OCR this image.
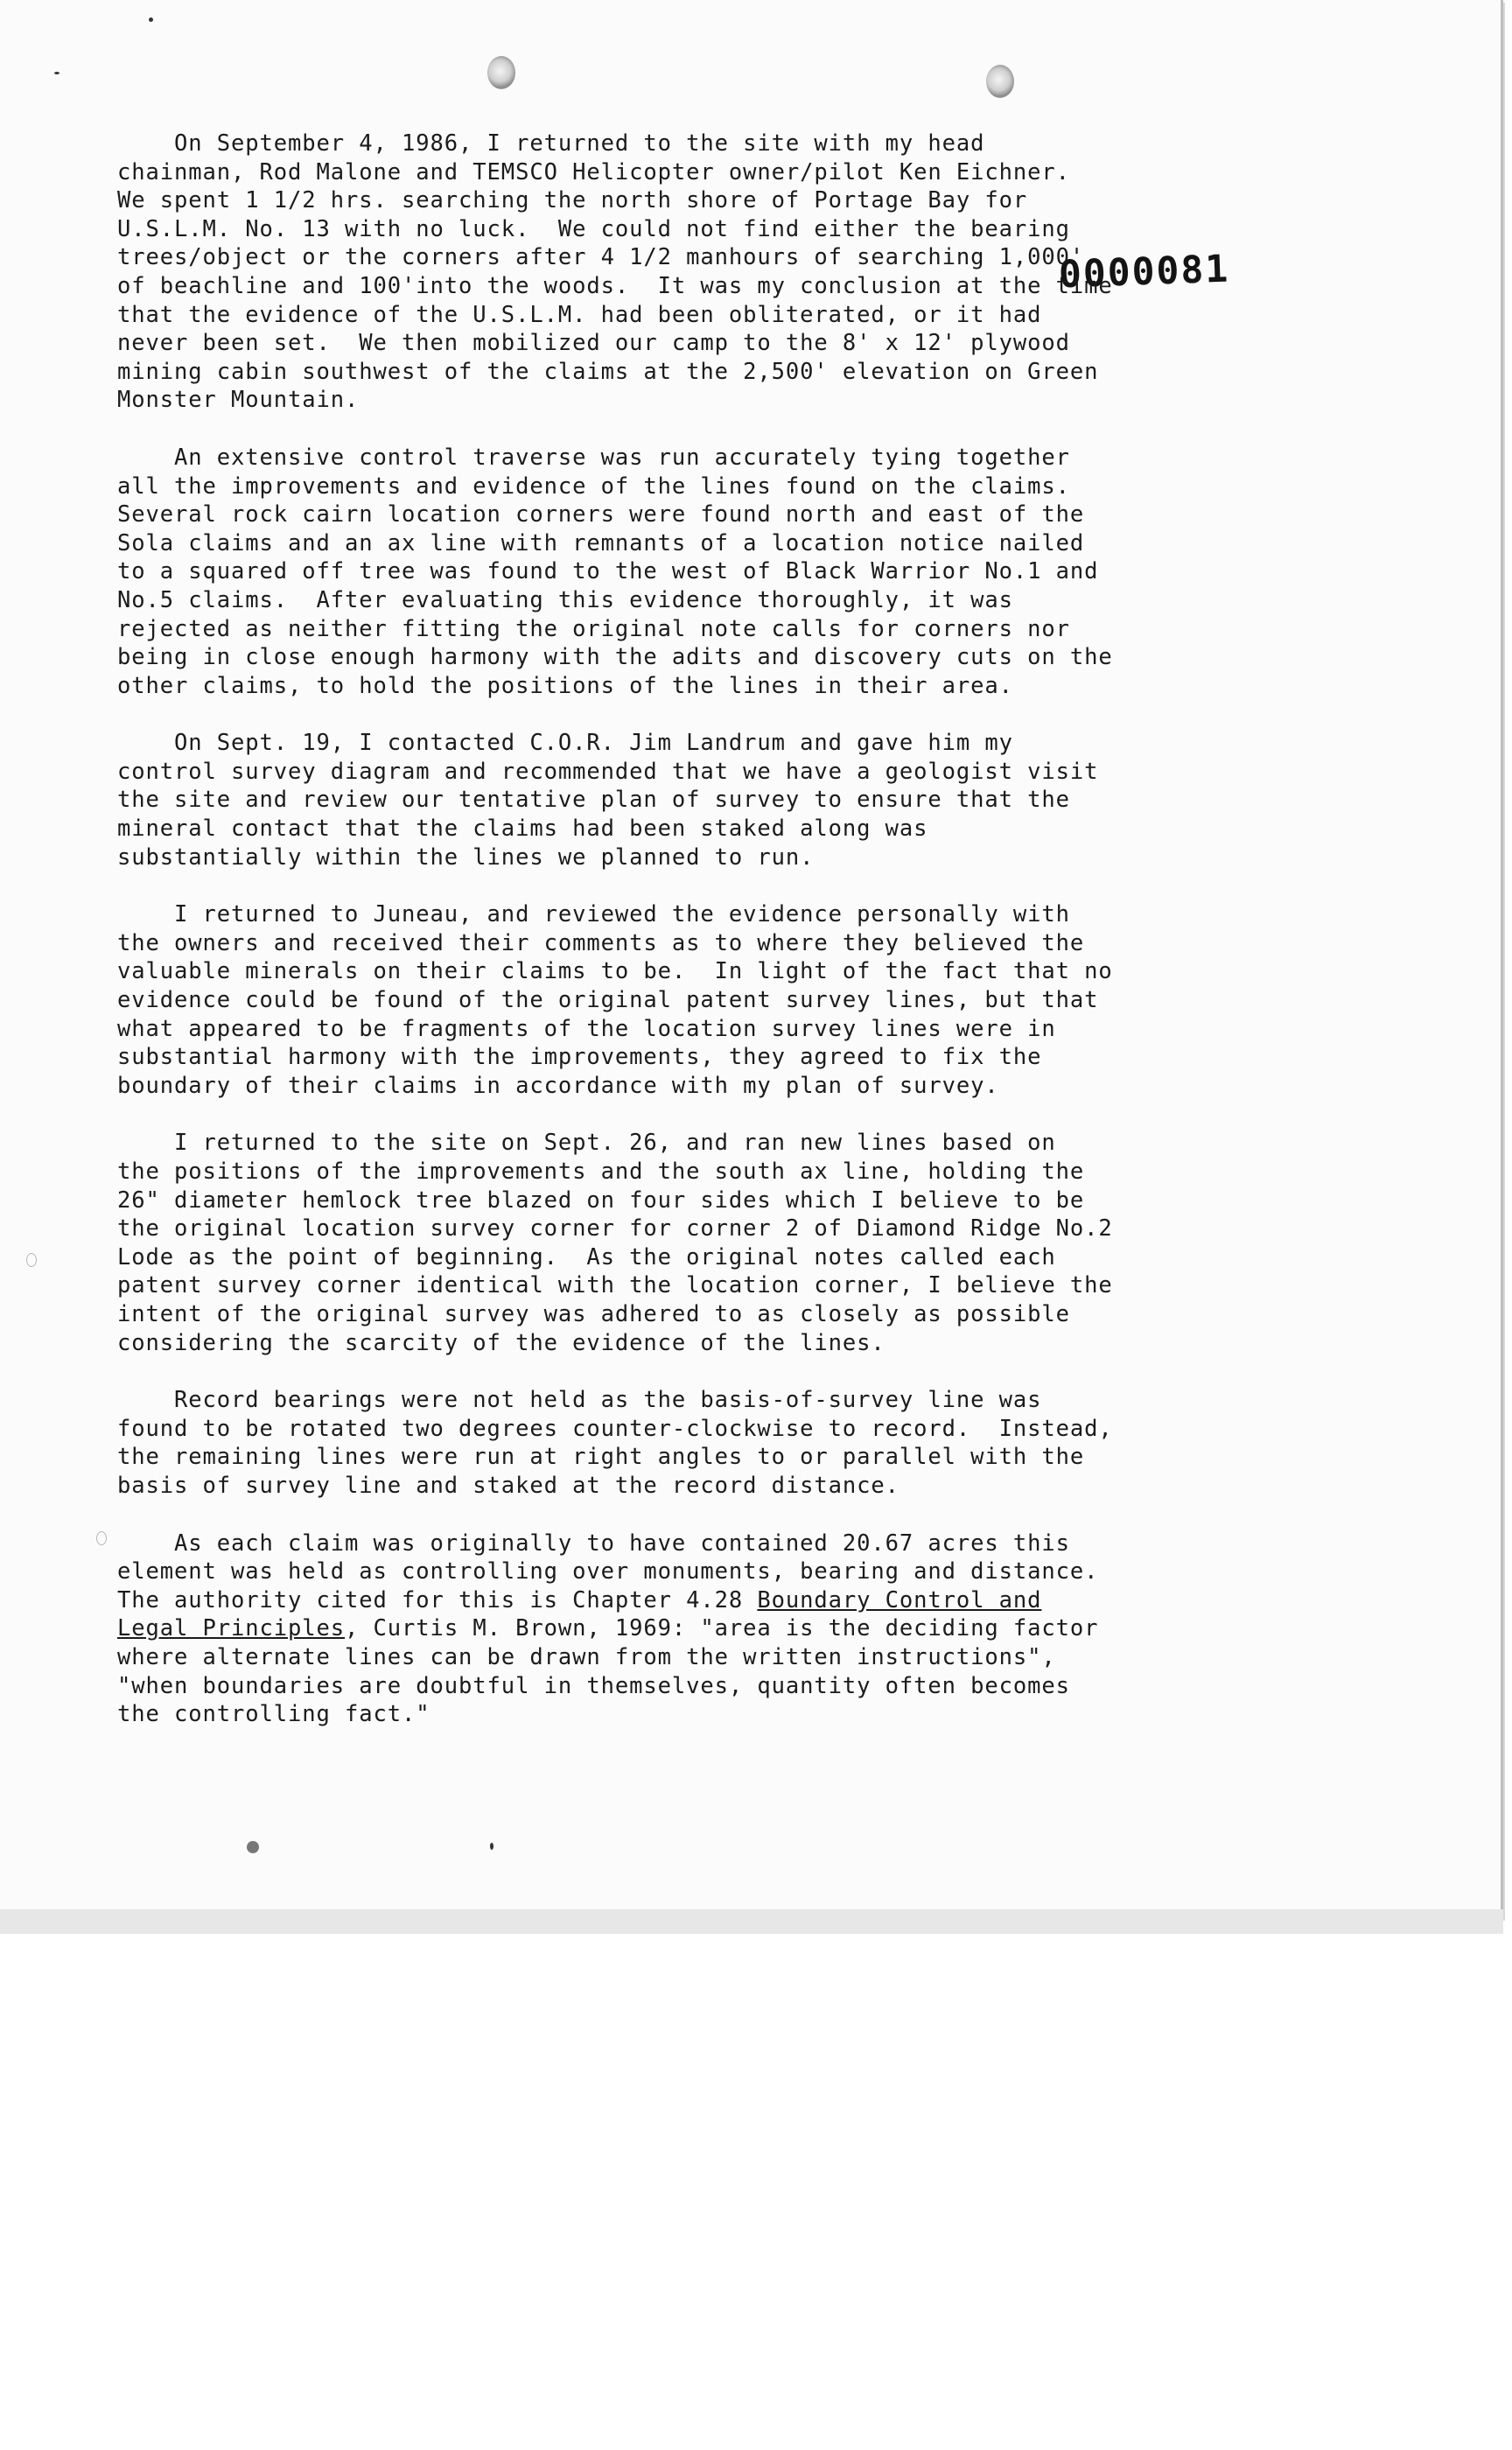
0000081
On September 4, 1986, I returned to the site with my head
chainman, Rod Malone and TEMSCO Helicopter owner/pilot Ken Eichner.
We spent 1 1/2 hrs. searching the north shore of Portage Bay for
U.S.L.M. No. 13 with no luck.  We could not find either the bearing
trees/object or the corners after 4 1/2 manhours of searching 1,000'
of beachline and 100'into the woods.  It was my conclusion at the time
that the evidence of the U.S.L.M. had been obliterated, or it had
never been set.  We then mobilized our camp to the 8' x 12' plywood
mining cabin southwest of the claims at the 2,500' elevation on Green
Monster Mountain.
An extensive control traverse was run accurately tying together
all the improvements and evidence of the lines found on the claims.
Several rock cairn location corners were found north and east of the
Sola claims and an ax line with remnants of a location notice nailed
to a squared off tree was found to the west of Black Warrior No.1 and
No.5 claims.  After evaluating this evidence thoroughly, it was
rejected as neither fitting the original note calls for corners nor
being in close enough harmony with the adits and discovery cuts on the
other claims, to hold the positions of the lines in their area.
On Sept. 19, I contacted C.O.R. Jim Landrum and gave him my
control survey diagram and recommended that we have a geologist visit
the site and review our tentative plan of survey to ensure that the
mineral contact that the claims had been staked along was
substantially within the lines we planned to run.
I returned to Juneau, and reviewed the evidence personally with
the owners and received their comments as to where they believed the
valuable minerals on their claims to be.  In light of the fact that no
evidence could be found of the original patent survey lines, but that
what appeared to be fragments of the location survey lines were in
substantial harmony with the improvements, they agreed to fix the
boundary of their claims in accordance with my plan of survey.
I returned to the site on Sept. 26, and ran new lines based on
the positions of the improvements and the south ax line, holding the
26" diameter hemlock tree blazed on four sides which I believe to be
the original location survey corner for corner 2 of Diamond Ridge No.2
Lode as the point of beginning.  As the original notes called each
patent survey corner identical with the location corner, I believe the
intent of the original survey was adhered to as closely as possible
considering the scarcity of the evidence of the lines.
Record bearings were not held as the basis-of-survey line was
found to be rotated two degrees counter-clockwise to record.  Instead,
the remaining lines were run at right angles to or parallel with the
basis of survey line and staked at the record distance.
As each claim was originally to have contained 20.67 acres this
element was held as controlling over monuments, bearing and distance.
The authority cited for this is Chapter 4.28 Boundary Control and
Legal Principles, Curtis M. Brown, 1969: "area is the deciding factor
where alternate lines can be drawn from the written instructions",
"when boundaries are doubtful in themselves, quantity often becomes
the controlling fact."
